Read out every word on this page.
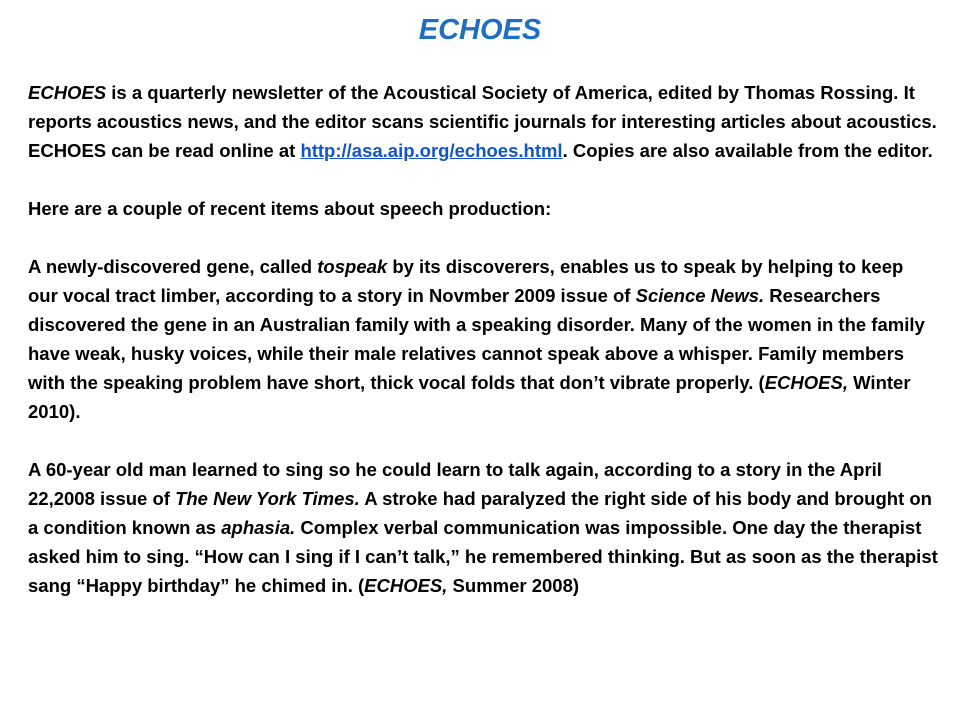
ECHOES

ECHOES is a quarterly newsletter of the Acoustical Society of America, edited by Thomas Rossing. It reports acoustics news, and the editor scans scientific journals for interesting articles about acoustics.

ECHOES can be read online at http://asa.aip.org/echoes.html. Copies are also available from the editor.

Here are a couple of recent items about speech production:

A newly-discovered gene, called tospeak by its discoverers, enables us to speak by helping to keep our vocal tract limber, according to a story in Novmber 2009 issue of Science News. Researchers discovered the gene in an Australian family with a speaking disorder. Many of the women in the family have weak, husky voices, while their male relatives cannot speak above a whisper. Family members with the speaking problem have short, thick vocal folds that don’t vibrate properly. (ECHOES, Winter 2010).

A 60-year old man learned to sing so he could learn to talk again, according to a story in the April 22,2008 issue of The New York Times. A stroke had paralyzed the right side of his body and brought on a condition known as aphasia. Complex verbal communication was impossible. One day the therapist asked him to sing. “How can I sing if I can’t talk,” he remembered thinking. But as soon as the therapist sang “Happy birthday” he chimed in. (ECHOES, Summer 2008)
